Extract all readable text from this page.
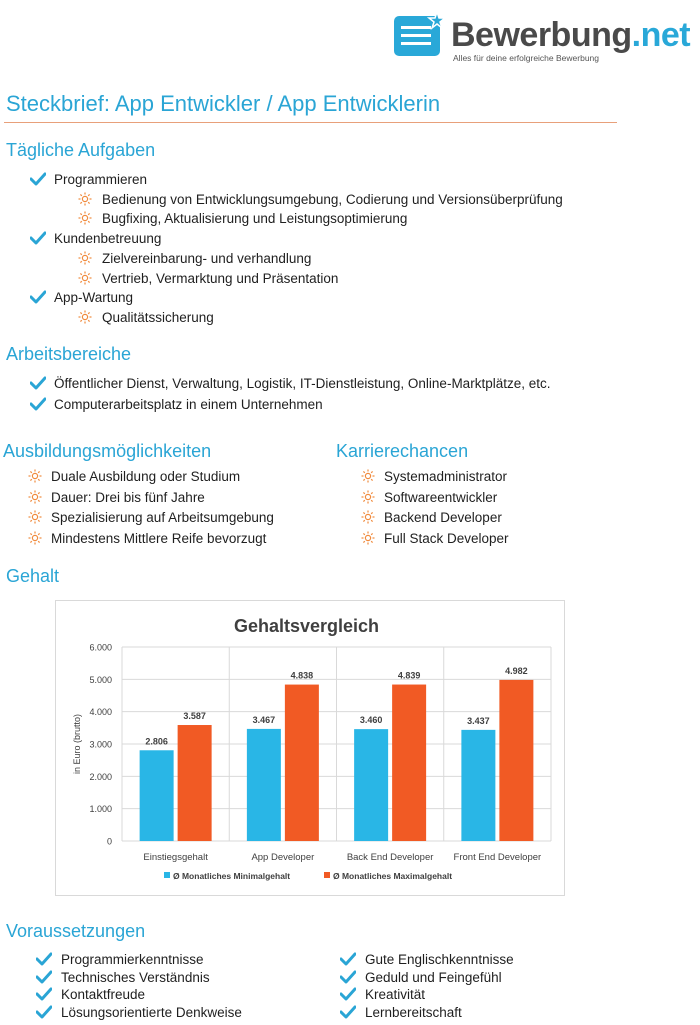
Bewerbung.net
Alles für deine erfolgreiche Bewerbung
Steckbrief: App Entwickler / App Entwicklerin
Tägliche Aufgaben
Programmieren
Bedienung von Entwicklungsumgebung, Codierung und Versionsüberprüfung
Bugfixing, Aktualisierung und Leistungsoptimierung
Kundenbetreuung
Zielvereinbarung- und verhandlung
Vertrieb, Vermarktung und Präsentation
App-Wartung
Qualitätssicherung
Arbeitsbereiche
Öffentlicher Dienst, Verwaltung, Logistik, IT-Dienstleistung, Online-Marktplätze, etc.
Computerarbeitsplatz in einem Unternehmen
Ausbildungsmöglichkeiten
Duale Ausbildung oder Studium
Dauer: Drei bis fünf Jahre
Spezialisierung auf Arbeitsumgebung
Mindestens Mittlere Reife bevorzugt
Karrierechancen
Systemadministrator
Softwareentwickler
Backend Developer
Full Stack Developer
Gehalt
Gehaltsvergleich
0
1.000
2.000
3.000
4.000
5.000
6.000
in Euro (brutto)	2.806
3.587
Einstiegsgehalt
3.467
4.838
App Developer
3.460
4.839
Back End Developer
3.437
4.982
Front End Developer
Ø Monatliches Minimalgehalt	Ø Monatliches Maximalgehalt
Voraussetzungen
Programmierkenntnisse
Technisches Verständnis
Kontaktfreude
Lösungsorientierte Denkweise
Gute Englischkenntnisse
Geduld und Feingefühl
Kreativität
Lernbereitschaft
